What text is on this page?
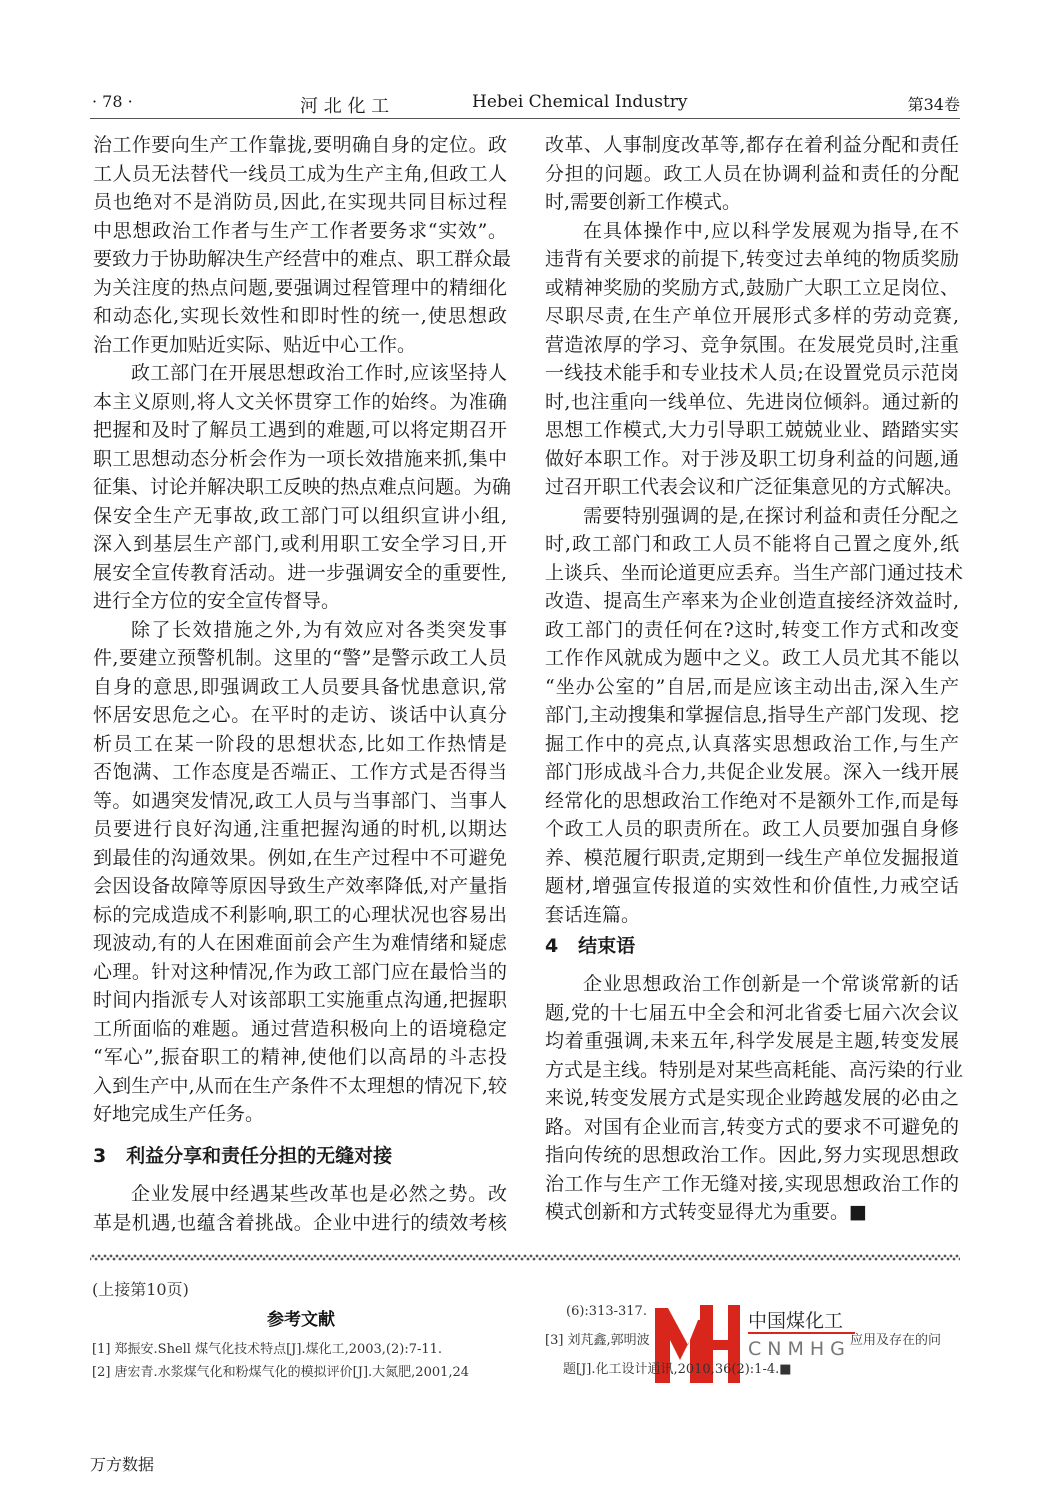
· 78 ·	河 北 化 工	Hebei Chemical Industry	第34卷
治工作要向生产工作靠拢,要明确自身的定位。政
工人员无法替代一线员工成为生产主角,但政工人
员也绝对不是消防员,因此,在实现共同目标过程
中思想政治工作者与生产工作者要务求“实效”。
要致力于协助解决生产经营中的难点、职工群众最
为关注度的热点问题,要强调过程管理中的精细化
和动态化,实现长效性和即时性的统一,使思想政
治工作更加贴近实际、贴近中心工作。
政工部门在开展思想政治工作时,应该坚持人
本主义原则,将人文关怀贯穿工作的始终。为准确
把握和及时了解员工遇到的难题,可以将定期召开
职工思想动态分析会作为一项长效措施来抓,集中
征集、讨论并解决职工反映的热点难点问题。为确
保安全生产无事故,政工部门可以组织宣讲小组,
深入到基层生产部门,或利用职工安全学习日,开
展安全宣传教育活动。进一步强调安全的重要性,
进行全方位的安全宣传督导。
除了长效措施之外,为有效应对各类突发事
件,要建立预警机制。这里的“警”是警示政工人员
自身的意思,即强调政工人员要具备忧患意识,常
怀居安思危之心。在平时的走访、谈话中认真分
析员工在某一阶段的思想状态,比如工作热情是
否饱满、工作态度是否端正、工作方式是否得当
等。如遇突发情况,政工人员与当事部门、当事人
员要进行良好沟通,注重把握沟通的时机,以期达
到最佳的沟通效果。例如,在生产过程中不可避免
会因设备故障等原因导致生产效率降低,对产量指
标的完成造成不利影响,职工的心理状况也容易出
现波动,有的人在困难面前会产生为难情绪和疑虑
心理。针对这种情况,作为政工部门应在最恰当的
时间内指派专人对该部职工实施重点沟通,把握职
工所面临的难题。通过营造积极向上的语境稳定
“军心”,振奋职工的精神,使他们以高昂的斗志投
入到生产中,从而在生产条件不太理想的情况下,较
好地完成生产任务。
3   利益分享和责任分担的无缝对接
企业发展中经遇某些改革也是必然之势。改
革是机遇,也蕴含着挑战。企业中进行的绩效考核
改革、人事制度改革等,都存在着利益分配和责任
分担的问题。政工人员在协调利益和责任的分配
时,需要创新工作模式。
在具体操作中,应以科学发展观为指导,在不
违背有关要求的前提下,转变过去单纯的物质奖励
或精神奖励的奖励方式,鼓励广大职工立足岗位、
尽职尽责,在生产单位开展形式多样的劳动竞赛,
营造浓厚的学习、竞争氛围。在发展党员时,注重
一线技术能手和专业技术人员;在设置党员示范岗
时,也注重向一线单位、先进岗位倾斜。通过新的
思想工作模式,大力引导职工兢兢业业、踏踏实实
做好本职工作。对于涉及职工切身利益的问题,通
过召开职工代表会议和广泛征集意见的方式解决。
需要特别强调的是,在探讨利益和责任分配之
时,政工部门和政工人员不能将自己置之度外,纸
上谈兵、坐而论道更应丢弃。当生产部门通过技术
改造、提高生产率来为企业创造直接经济效益时,
政工部门的责任何在?这时,转变工作方式和改变
工作作风就成为题中之义。政工人员尤其不能以
“坐办公室的”自居,而是应该主动出击,深入生产
部门,主动搜集和掌握信息,指导生产部门发现、挖
掘工作中的亮点,认真落实思想政治工作,与生产
部门形成战斗合力,共促企业发展。深入一线开展
经常化的思想政治工作绝对不是额外工作,而是每
个政工人员的职责所在。政工人员要加强自身修
养、模范履行职责,定期到一线生产单位发掘报道
题材,增强宣传报道的实效性和价值性,力戒空话
套话连篇。
4   结束语
企业思想政治工作创新是一个常谈常新的话
题,党的十七届五中全会和河北省委七届六次会议
均着重强调,未来五年,科学发展是主题,转变发展
方式是主线。特别是对某些高耗能、高污染的行业
来说,转变发展方式是实现企业跨越发展的必由之
路。对国有企业而言,转变方式的要求不可避免的
指向传统的思想政治工作。因此,努力实现思想政
治工作与生产工作无缝对接,实现思想政治工作的
模式创新和方式转变显得尤为重要。■
(上接第10页)
参考文献
[1] 郑振安.Shell 煤气化技术特点[J].煤化工,2003,(2):7-11.
[2] 唐宏青.水浆煤气化和粉煤气化的模拟评价[J].大氮肥,2001,24
(6):313-317.
[3] 刘芃鑫,郭明波	应用及存在的问
题[J].化工设计通讯,2010,36(2):1-4.■
中国煤化工
CNMHG
万方数据
